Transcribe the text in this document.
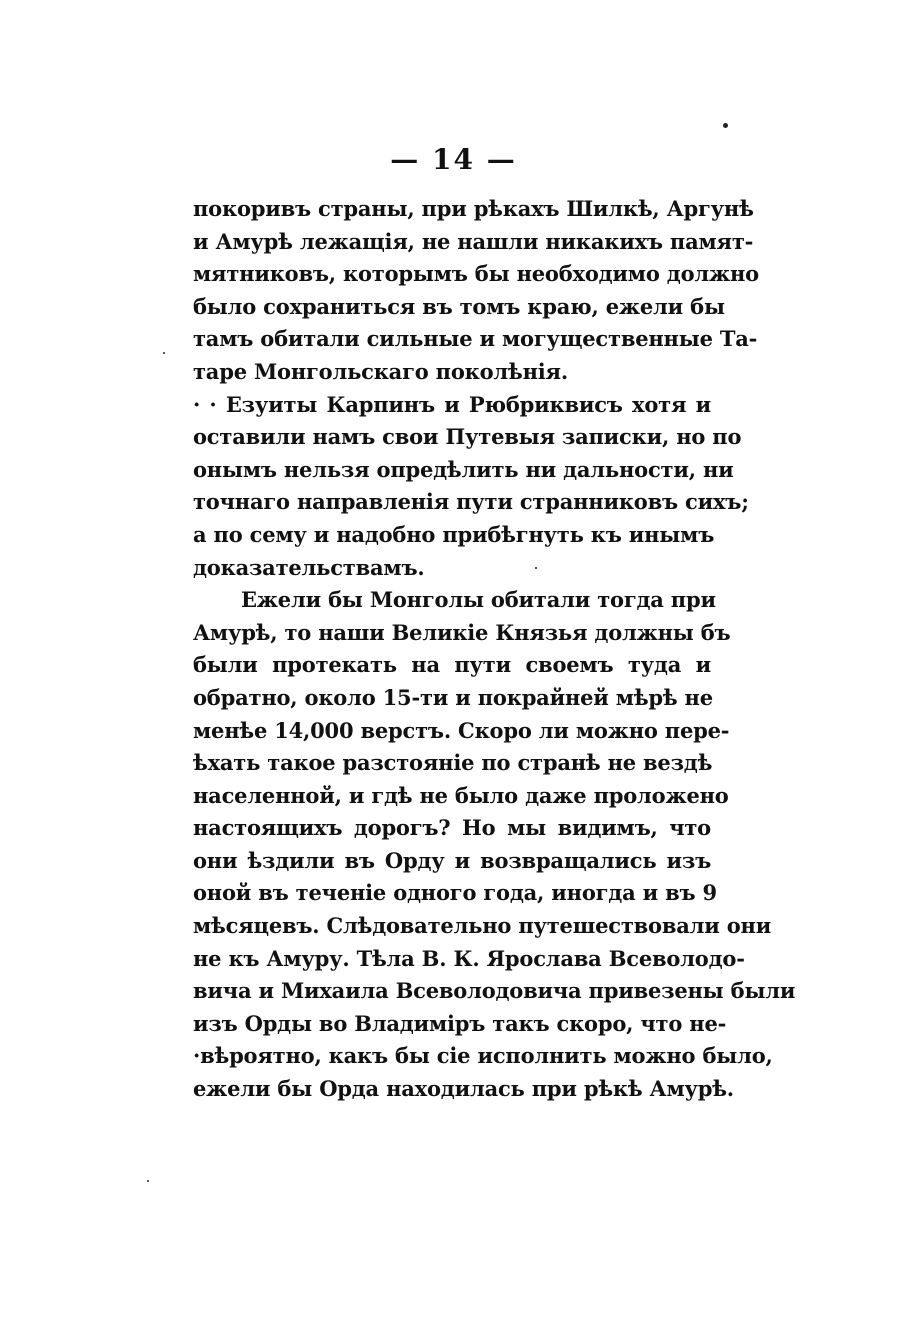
— 14 —
покоривъ страны, при рѣкахъ Шилкѣ, Аргунѣ
и Амурѣ лежащія, не нашли никакихъ памят-
мятниковъ, которымъ бы необходимо должно
было сохраниться въ томъ краю, ежели бы
тамъ обитали сильные и могущественные Та-
таре Монгольскаго поколѣнія.
· · Езуиты Карпинъ и Рюбриквисъ хотя и
оставили намъ свои Путевыя записки, но по
онымъ нельзя опредѣлить ни дальности, ни
точнаго направленія пути странниковъ сихъ;
а по сему и надобно прибѣгнуть къ инымъ
доказательствамъ.
Ежели бы Монголы обитали тогда при
Амурѣ, то наши Великіе Князья должны бъ
были протекать на пути своемъ туда и
обратно, около 15-ти и покрайней мѣрѣ не
менѣе 14,000 верстъ. Скоро ли можно пере-
ѣхать такое разстояніе по странѣ не вездѣ
населенной, и гдѣ не было даже проложено
настоящихъ дорогъ? Но мы видимъ, что
они ѣздили въ Орду и возвращались изъ
оной въ теченіе одного года, иногда и въ 9
мѣсяцевъ. Слѣдовательно путешествовали они
не къ Амуру. Тѣла В. К. Ярослава Всеволодо-
вича и Михаила Всеволодовича привезены были
изъ Орды во Владиміръ такъ скоро, что не-
·вѣроятно, какъ бы сіе исполнить можно было,
ежели бы Орда находилась при рѣкѣ Амурѣ.
